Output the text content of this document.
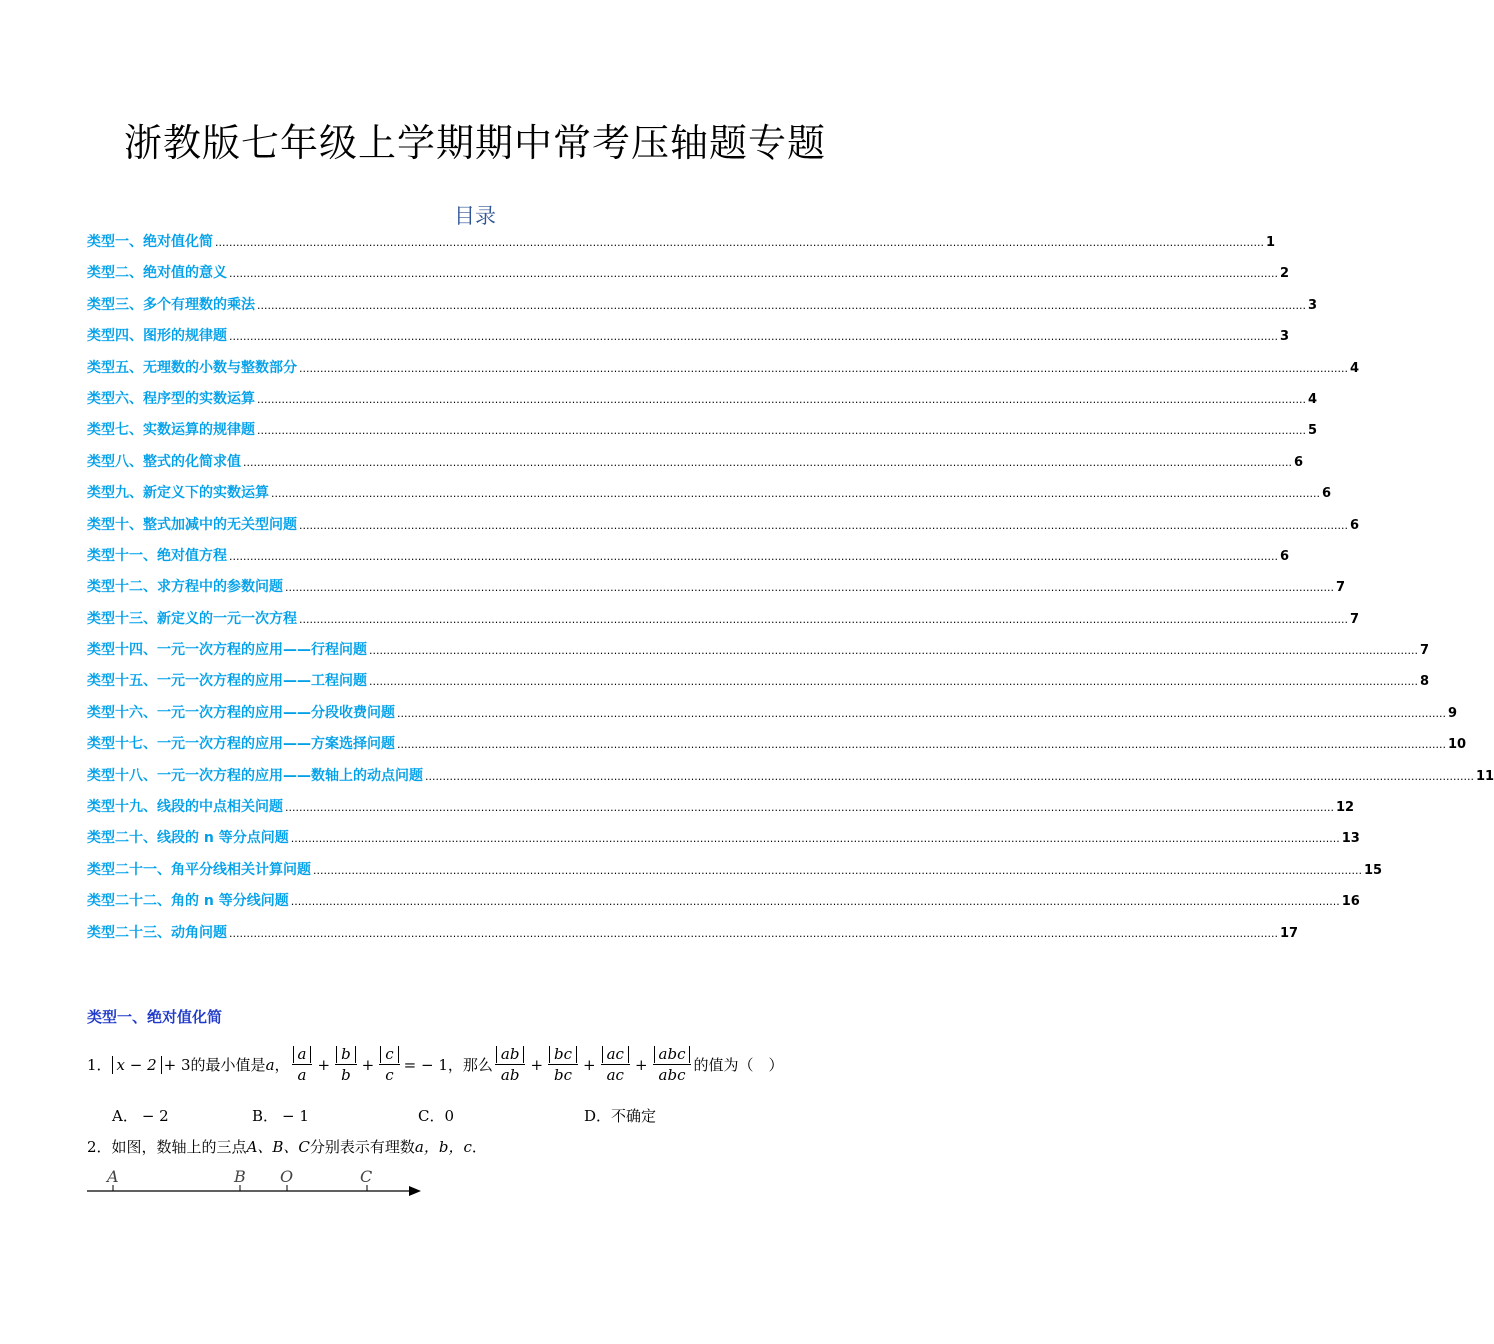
浙教版七年级上学期期中常考压轴题专题
目录
类型一、绝对值化简 ............................................................................................................................................................................................................................................................................................................ 1
类型二、绝对值的意义 ............................................................................................................................................................................................................................................................................................................ 2
类型三、多个有理数的乘法 ............................................................................................................................................................................................................................................................................................................ 3
类型四、图形的规律题 ............................................................................................................................................................................................................................................................................................................ 3
类型五、无理数的小数与整数部分 ............................................................................................................................................................................................................................................................................................................ 4
类型六、程序型的实数运算 ............................................................................................................................................................................................................................................................................................................ 4
类型七、实数运算的规律题 ............................................................................................................................................................................................................................................................................................................ 5
类型八、整式的化简求值 ............................................................................................................................................................................................................................................................................................................ 6
类型九、新定义下的实数运算 ............................................................................................................................................................................................................................................................................................................ 6
类型十、整式加减中的无关型问题 ............................................................................................................................................................................................................................................................................................................ 6
类型十一、绝对值方程 ............................................................................................................................................................................................................................................................................................................ 6
类型十二、求方程中的参数问题 ............................................................................................................................................................................................................................................................................................................ 7
类型十三、新定义的一元一次方程 ............................................................................................................................................................................................................................................................................................................ 7
类型十四、一元一次方程的应用——行程问题 ............................................................................................................................................................................................................................................................................................................ 7
类型十五、一元一次方程的应用——工程问题 ............................................................................................................................................................................................................................................................................................................ 8
类型十六、一元一次方程的应用——分段收费问题 ............................................................................................................................................................................................................................................................................................................ 9
类型十七、一元一次方程的应用——方案选择问题 ............................................................................................................................................................................................................................................................................................................ 10
类型十八、一元一次方程的应用——数轴上的动点问题 ............................................................................................................................................................................................................................................................................................................ 11
类型十九、线段的中点相关问题 ............................................................................................................................................................................................................................................................................................................ 12
类型二十、线段的 n 等分点问题 ............................................................................................................................................................................................................................................................................................................ 13
类型二十一、角平分线相关计算问题 ............................................................................................................................................................................................................................................................................................................ 15
类型二十二、角的 n 等分线问题 ............................................................................................................................................................................................................................................................................................................ 16
类型二十三、动角问题 ............................................................................................................................................................................................................................................................................................................ 17
类型一、绝对值化简
1． x − 2 + 3 的最小值是 a ， $\frac{a}{a} + \frac{b}{b} + \frac{c}{c}$ = − 1 ，那么 $\frac{ab}{ab} + \frac{bc}{bc} + \frac{ac}{ac} + \frac{\text{abc}}{\text{abc}}$ 的值为（　）
A． − 2	B． − 1	C．0	D．不确定
2．如图，数轴上的三点A、B、C分别表示有理数a，b，c．
A	B O	C
